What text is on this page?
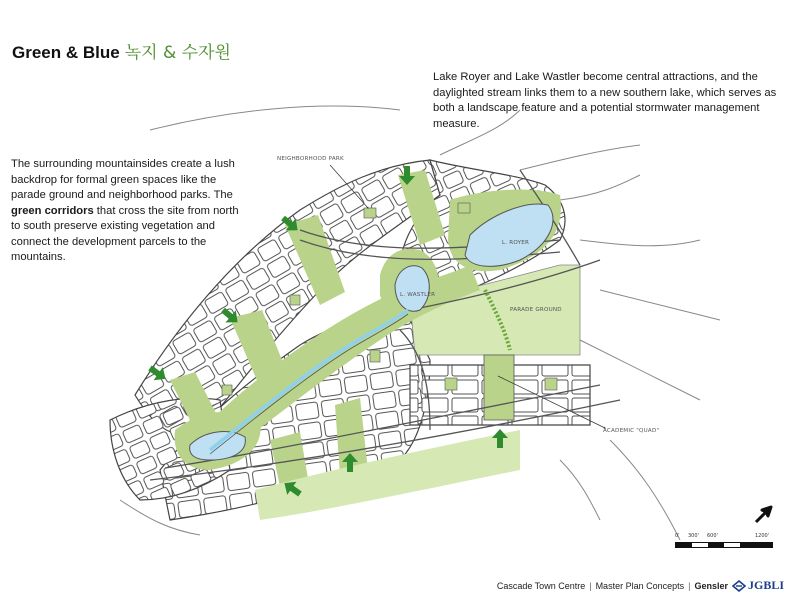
Green & Blue 녹지 & 수자원

Lake Royer and Lake Wastler become central attractions, and the daylighted stream links them to a new southern lake, which serves as both a landscape feature and a potential stormwater management measure.

The surrounding mountainsides create a lush backdrop for formal green spaces like the parade ground and neighborhood parks. The green corridors that cross the site from north to south preserve existing vegetation and connect the development parcels to the mountains.

NEIGHBORHOOD PARK
L. ROYER
L. WASTLER
PARADE GROUND
ACADEMIC "QUAD"
0' 300' 600'	1200'
Cascade Town Centre | Master Plan Concepts | Gensler JGBLI
